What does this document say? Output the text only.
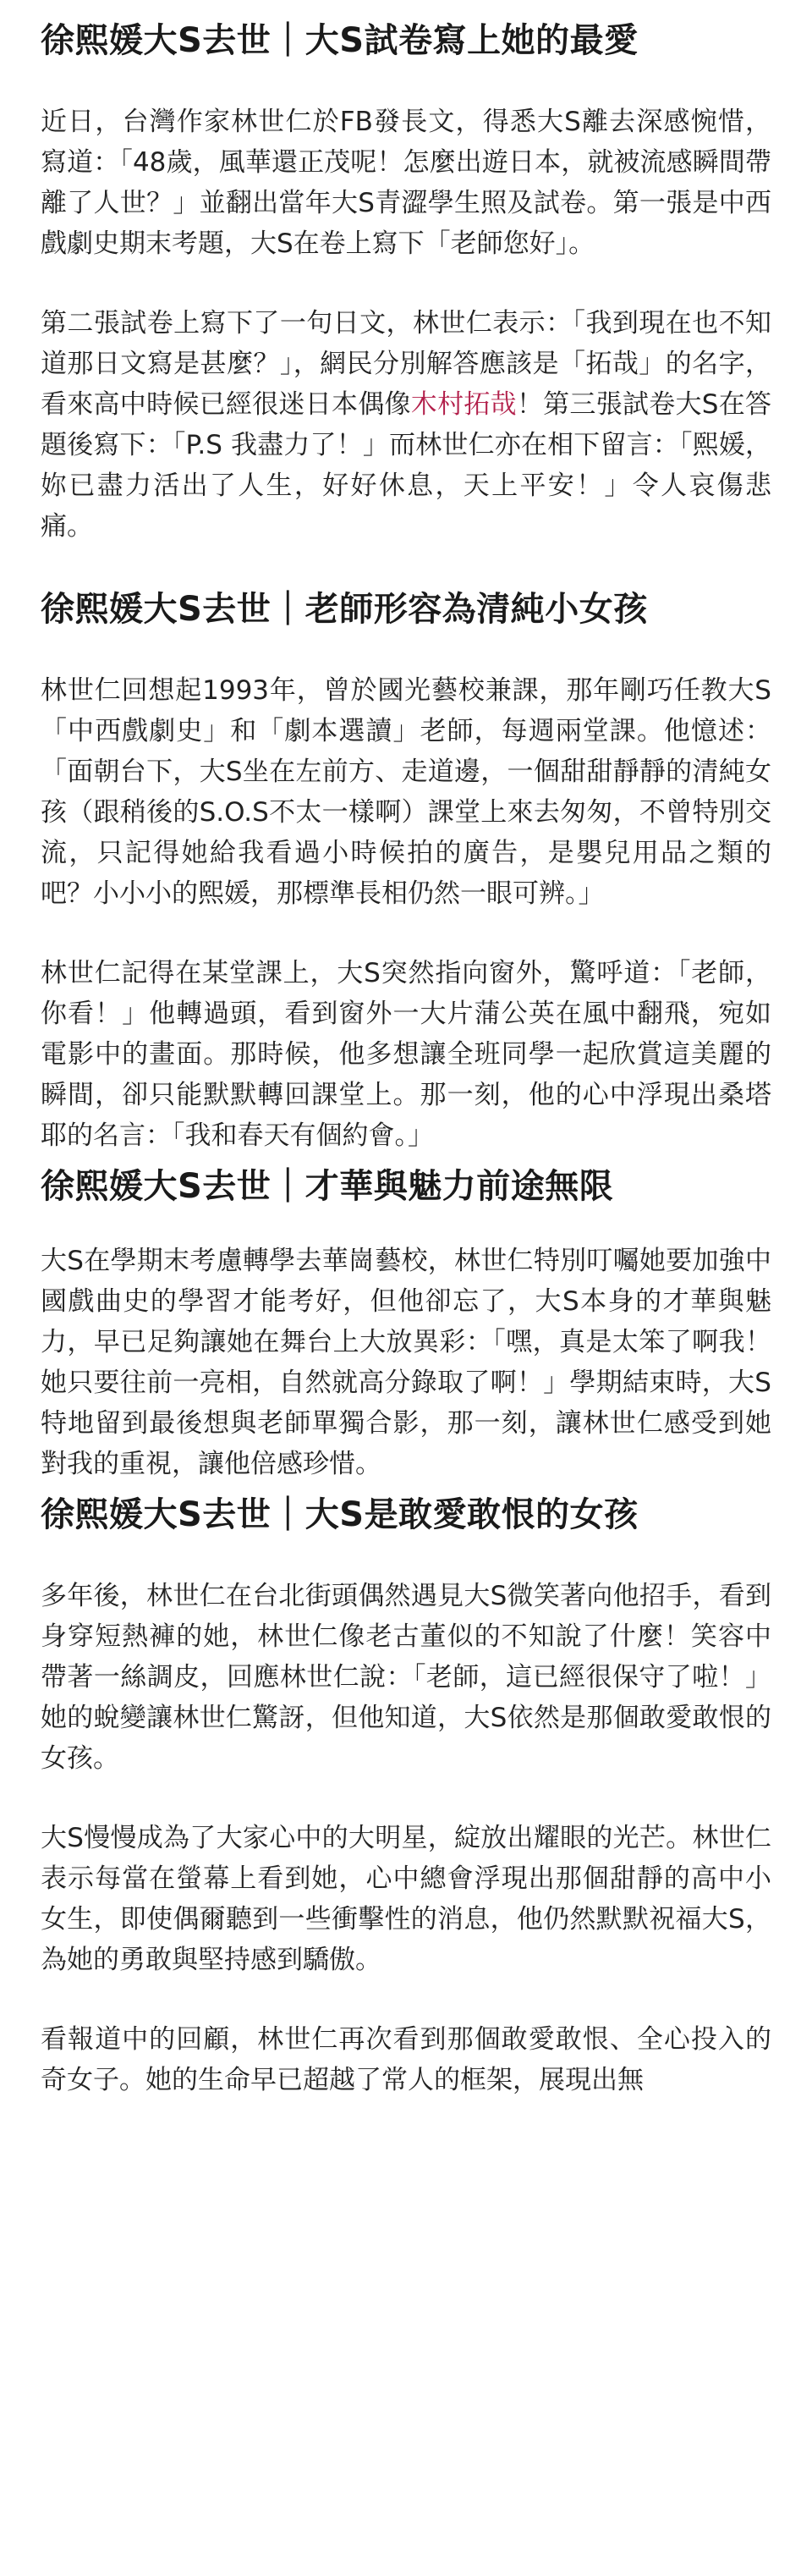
徐熙媛大S去世｜大S試卷寫上她的最愛

近日，台灣作家林世仁於FB發長文，得悉大S離去深感惋惜，寫道：「48歲，風華還正茂呢！怎麼出遊日本，就被流感瞬間帶離了人世？」並翻出當年大S青澀學生照及試卷。第一張是中西戲劇史期末考題，大S在卷上寫下「老師您好」。

第二張試卷上寫下了一句日文，林世仁表示：「我到現在也不知道那日文寫是甚麼？」，網民分別解答應該是「拓哉」的名字，看來高中時候已經很迷日本偶像木村拓哉！第三張試卷大S在答題後寫下：「P.S 我盡力了！」而林世仁亦在相下留言：「熙媛，妳已盡力活出了人生，好好休息，天上平安！」令人哀傷悲痛。

徐熙媛大S去世｜老師形容為清純小女孩

林世仁回想起1993年，曾於國光藝校兼課，那年剛巧任教大S「中西戲劇史」和「劇本選讀」老師，每週兩堂課。他憶述：「面朝台下，大S坐在左前方、走道邊，一個甜甜靜靜的清純女孩（跟稍後的S.O.S不太一樣啊）課堂上來去匆匆，不曾特別交流，只記得她給我看過小時候拍的廣告，是嬰兒用品之類的吧？小小小的熙媛，那標準長相仍然一眼可辨。」

林世仁記得在某堂課上，大S突然指向窗外，驚呼道：「老師，你看！」他轉過頭，看到窗外一大片蒲公英在風中翻飛，宛如電影中的畫面。那時候，他多想讓全班同學一起欣賞這美麗的瞬間，卻只能默默轉回課堂上。那一刻，他的心中浮現出桑塔耶的名言：「我和春天有個約會。」

徐熙媛大S去世｜才華與魅力前途無限

大S在學期末考慮轉學去華崗藝校，林世仁特別叮囑她要加強中國戲曲史的學習才能考好，但他卻忘了，大S本身的才華與魅力，早已足夠讓她在舞台上大放異彩：「嘿，真是太笨了啊我！她只要往前一亮相，自然就高分錄取了啊！」學期結束時，大S特地留到最後想與老師單獨合影，那一刻，讓林世仁感受到她對我的重視，讓他倍感珍惜。

徐熙媛大S去世｜大S是敢愛敢恨的女孩

多年後，林世仁在台北街頭偶然遇見大S微笑著向他招手，看到身穿短熱褲的她，林世仁像老古董似的不知說了什麼！笑容中帶著一絲調皮，回應林世仁說：「老師，這已經很保守了啦！」她的蛻變讓林世仁驚訝，但他知道，大S依然是那個敢愛敢恨的女孩。

大S慢慢成為了大家心中的大明星，綻放出耀眼的光芒。林世仁表示每當在螢幕上看到她，心中總會浮現出那個甜靜的高中小女生，即使偶爾聽到一些衝擊性的消息，他仍然默默祝福大S，為她的勇敢與堅持感到驕傲。

看報道中的回顧，林世仁再次看到那個敢愛敢恨、全心投入的奇女子。她的生命早已超越了常人的框架，展現出無
